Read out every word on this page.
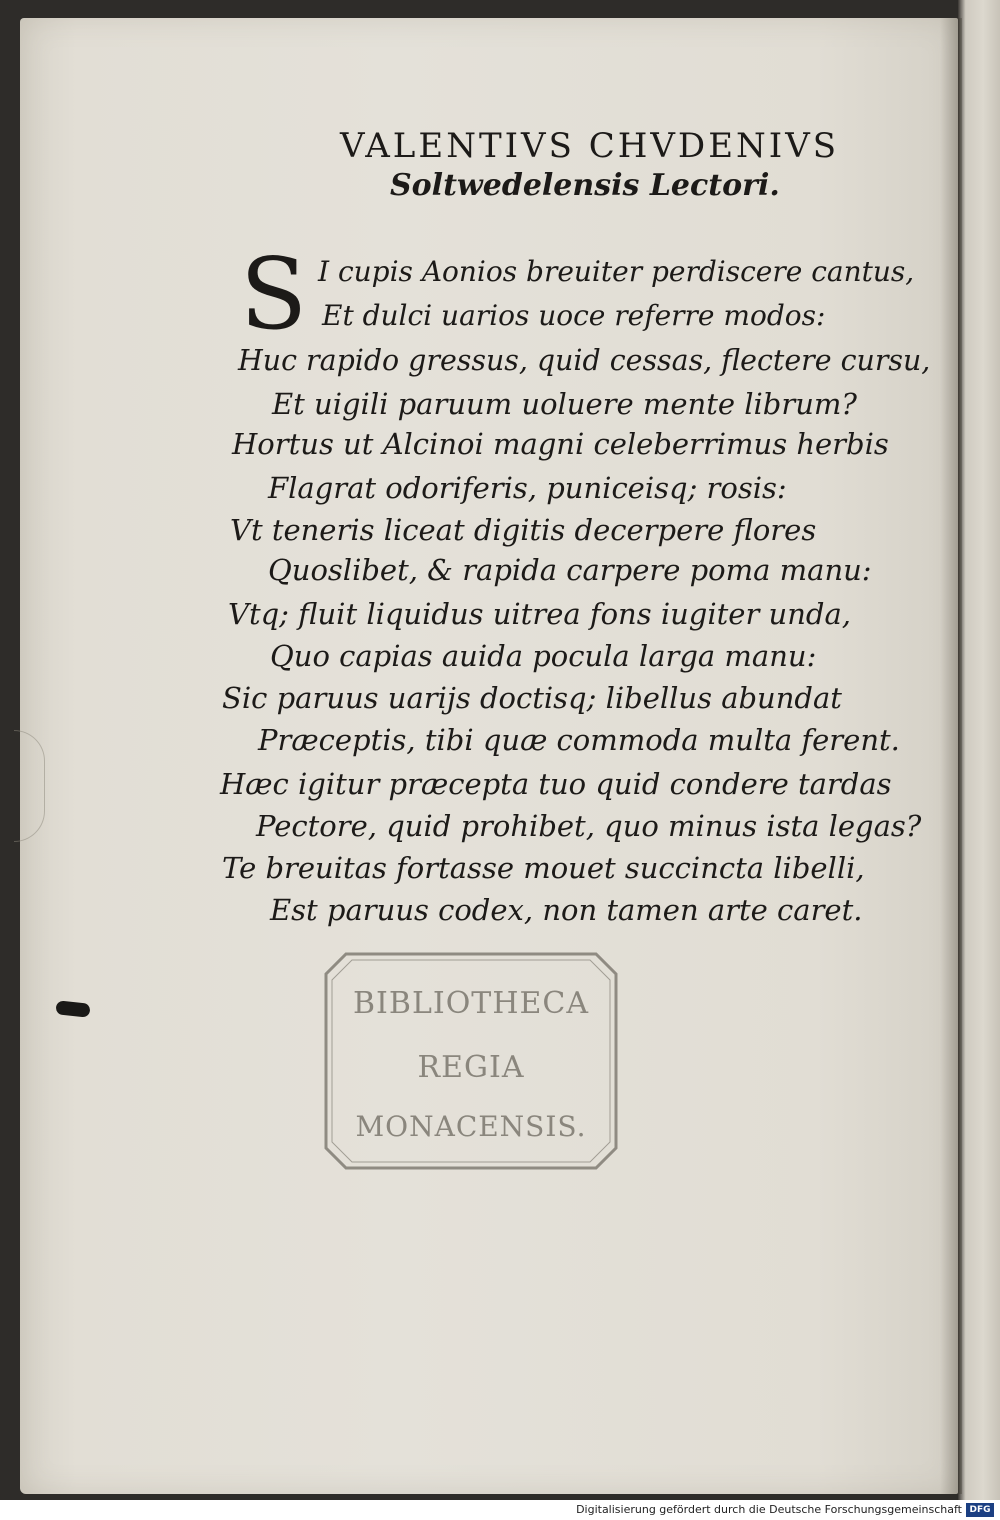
VALENTIVS CHVDENIVS
Soltwedelensis Lectori.
S I cupis Aonios breuiter perdiscere cantus,
Et dulci uarios uoce referre modos:
Huc rapido gressus, quid cessas, flectere cursu,
Et uigili paruum uoluere mente librum?
Hortus ut Alcinoi magni celeberrimus herbis
Flagrat odoriferis, puniceisq; rosis:
Vt teneris liceat digitis decerpere flores
Quoslibet, & rapida carpere poma manu:
Vtq; fluit liquidus uitrea fons iugiter unda,
Quo capias auida pocula larga manu:
Sic paruus uarijs doctisq; libellus abundat
Præceptis, tibi quæ commoda multa ferent.
Hæc igitur præcepta tuo quid condere tardas
Pectore, quid prohibet, quo minus ista legas?
Te breuitas fortasse mouet succincta libelli,
Est paruus codex, non tamen arte caret.
BIBLIOTHECA
REGIA
MONACENSIS.
Digitalisierung gefördert durch die Deutsche Forschungsgemeinschaft DFG
